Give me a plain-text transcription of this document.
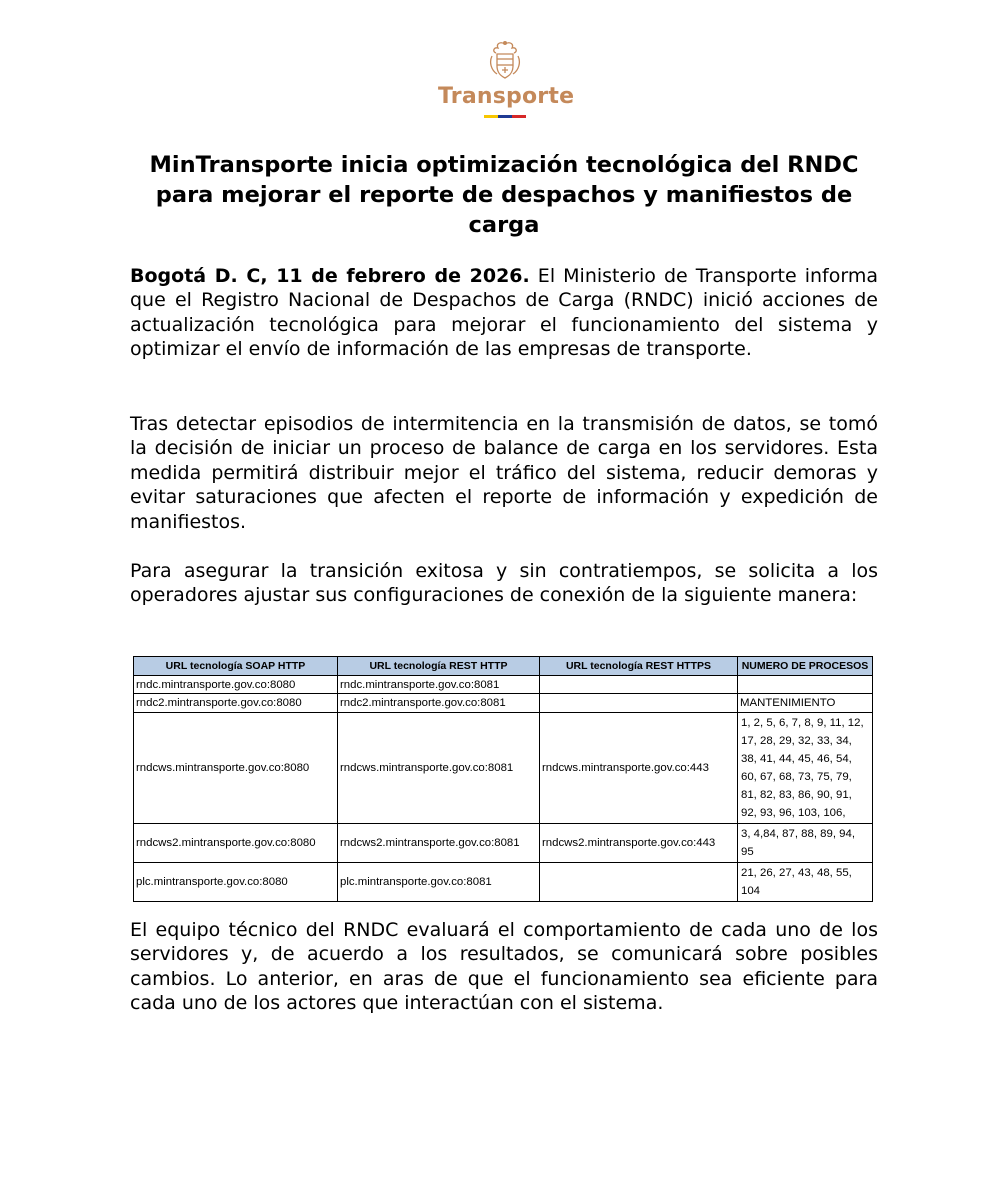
Transporte
MinTransporte inicia optimización tecnológica del RNDC para mejorar el reporte de despachos y manifiestos de carga
Bogotá D. C, 11 de febrero de 2026. El Ministerio de Transporte informa que el Registro Nacional de Despachos de Carga (RNDC) inició acciones de actualización tecnológica para mejorar el funcionamiento del sistema y optimizar el envío de información de las empresas de transporte.
Tras detectar episodios de intermitencia en la transmisión de datos, se tomó la decisión de iniciar un proceso de balance de carga en los servidores. Esta medida permitirá distribuir mejor el tráfico del sistema, reducir demoras y evitar saturaciones que afecten el reporte de información y expedición de manifiestos.
Para asegurar la transición exitosa y sin contratiempos, se solicita a los operadores ajustar sus configuraciones de conexión de la siguiente manera:
URL tecnología SOAP HTTP	URL tecnología REST HTTP	URL tecnología REST HTTPS	NUMERO DE PROCESOS
rndc.mintransporte.gov.co:8080	rndc.mintransporte.gov.co:8081		
rndc2.mintransporte.gov.co:8080	rndc2.mintransporte.gov.co:8081		MANTENIMIENTO
rndcws.mintransporte.gov.co:8080	rndcws.mintransporte.gov.co:8081	rndcws.mintransporte.gov.co:443	1, 2, 5, 6, 7, 8, 9, 11, 12, 17, 28, 29, 32, 33, 34, 38, 41, 44, 45, 46, 54, 60, 67, 68, 73, 75, 79, 81, 82, 83, 86, 90, 91, 92, 93, 96, 103, 106,
rndcws2.mintransporte.gov.co:8080	rndcws2.mintransporte.gov.co:8081	rndcws2.mintransporte.gov.co:443	3, 4,84, 87, 88, 89, 94, 95
plc.mintransporte.gov.co:8080	plc.mintransporte.gov.co:8081		21, 26, 27, 43, 48, 55, 104
El equipo técnico del RNDC evaluará el comportamiento de cada uno de los servidores y, de acuerdo a los resultados, se comunicará sobre posibles cambios. Lo anterior, en aras de que el funcionamiento sea eficiente para cada uno de los actores que interactúan con el sistema.
